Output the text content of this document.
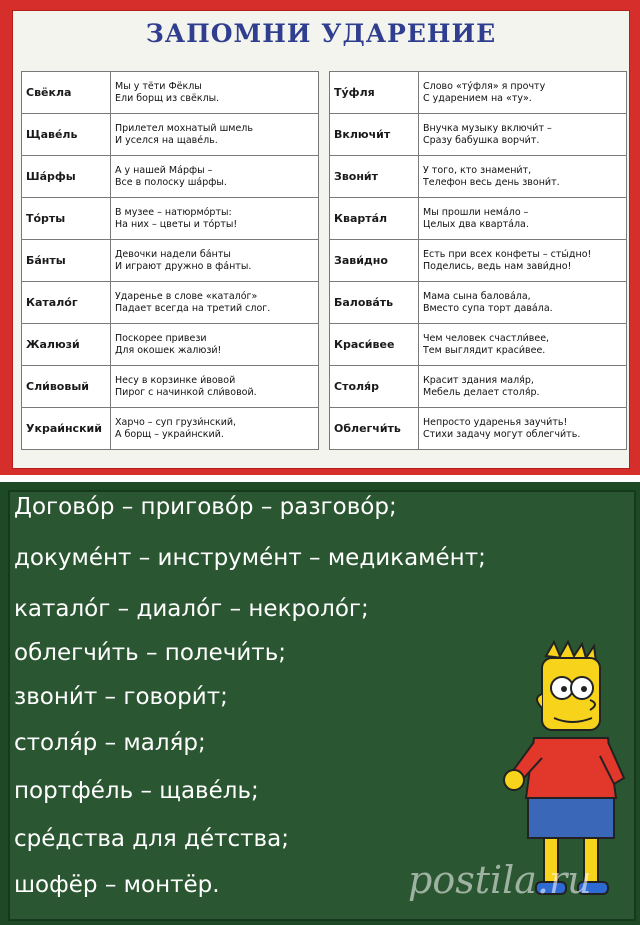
ЗАПОМНИ УДАРЕНИЕ
Свёкла	Мы у тёти Фёклы
Ели борщ из свёклы.

Щавéль	Прилетел мохнатый шмель
И уселся на щавéль.

Шáрфы	А у нашей Мáрфы –
Все в полоску шáрфы.

Тóрты	В музее – натюрмóрты:
На них – цветы и тóрты!

Бáнты	Девочки надели бáнты
И играют дружно в фáнты.

Каталóг	Ударенье в слове «каталóг»
Падает всегда на третий слог.

Жалюзи́	Поскорее привези
Для окошек жалюзи́!

Сли́вовый	Несу в корзинке и́вовой
Пирог с начинкой сли́вовой.

Украи́нский	Харчо – суп грузи́нский,
А борщ – украи́нский.
Тýфля	Слово «тýфля» я прочту
С ударением на «ту».

Включи́т	Внучка музыку включи́т –
Сразу бабушка ворчи́т.

Звони́т	У того, кто знамени́т,
Телефон весь день звони́т.

Квартáл	Мы прошли немáло –
Целых два квартáла.

Зави́дно	Есть при всех конфеты – сты́дно!
Поделись, ведь нам зави́дно!

Баловáть	Мама сына баловáла,
Вместо супа торт давáла.

Краси́вее	Чем человек счастли́вее,
Тем выглядит краси́вее.

Столя́р	Красит здания маля́р,
Мебель делает столя́р.

Облегчи́ть	Непросто ударенья заучи́ть!
Стихи задачу могут облегчи́ть.
Договóр – приговóр – разговóр;
докумéнт – инструмéнт – медикамéнт;
каталóг – диалóг – некролóг;
облегчи́ть – полечи́ть;
звони́т – говори́т;
столя́р – маля́р;
портфéль – щавéль;
срéдства для дéтства;
шофёр – монтёр.	postila.ru
